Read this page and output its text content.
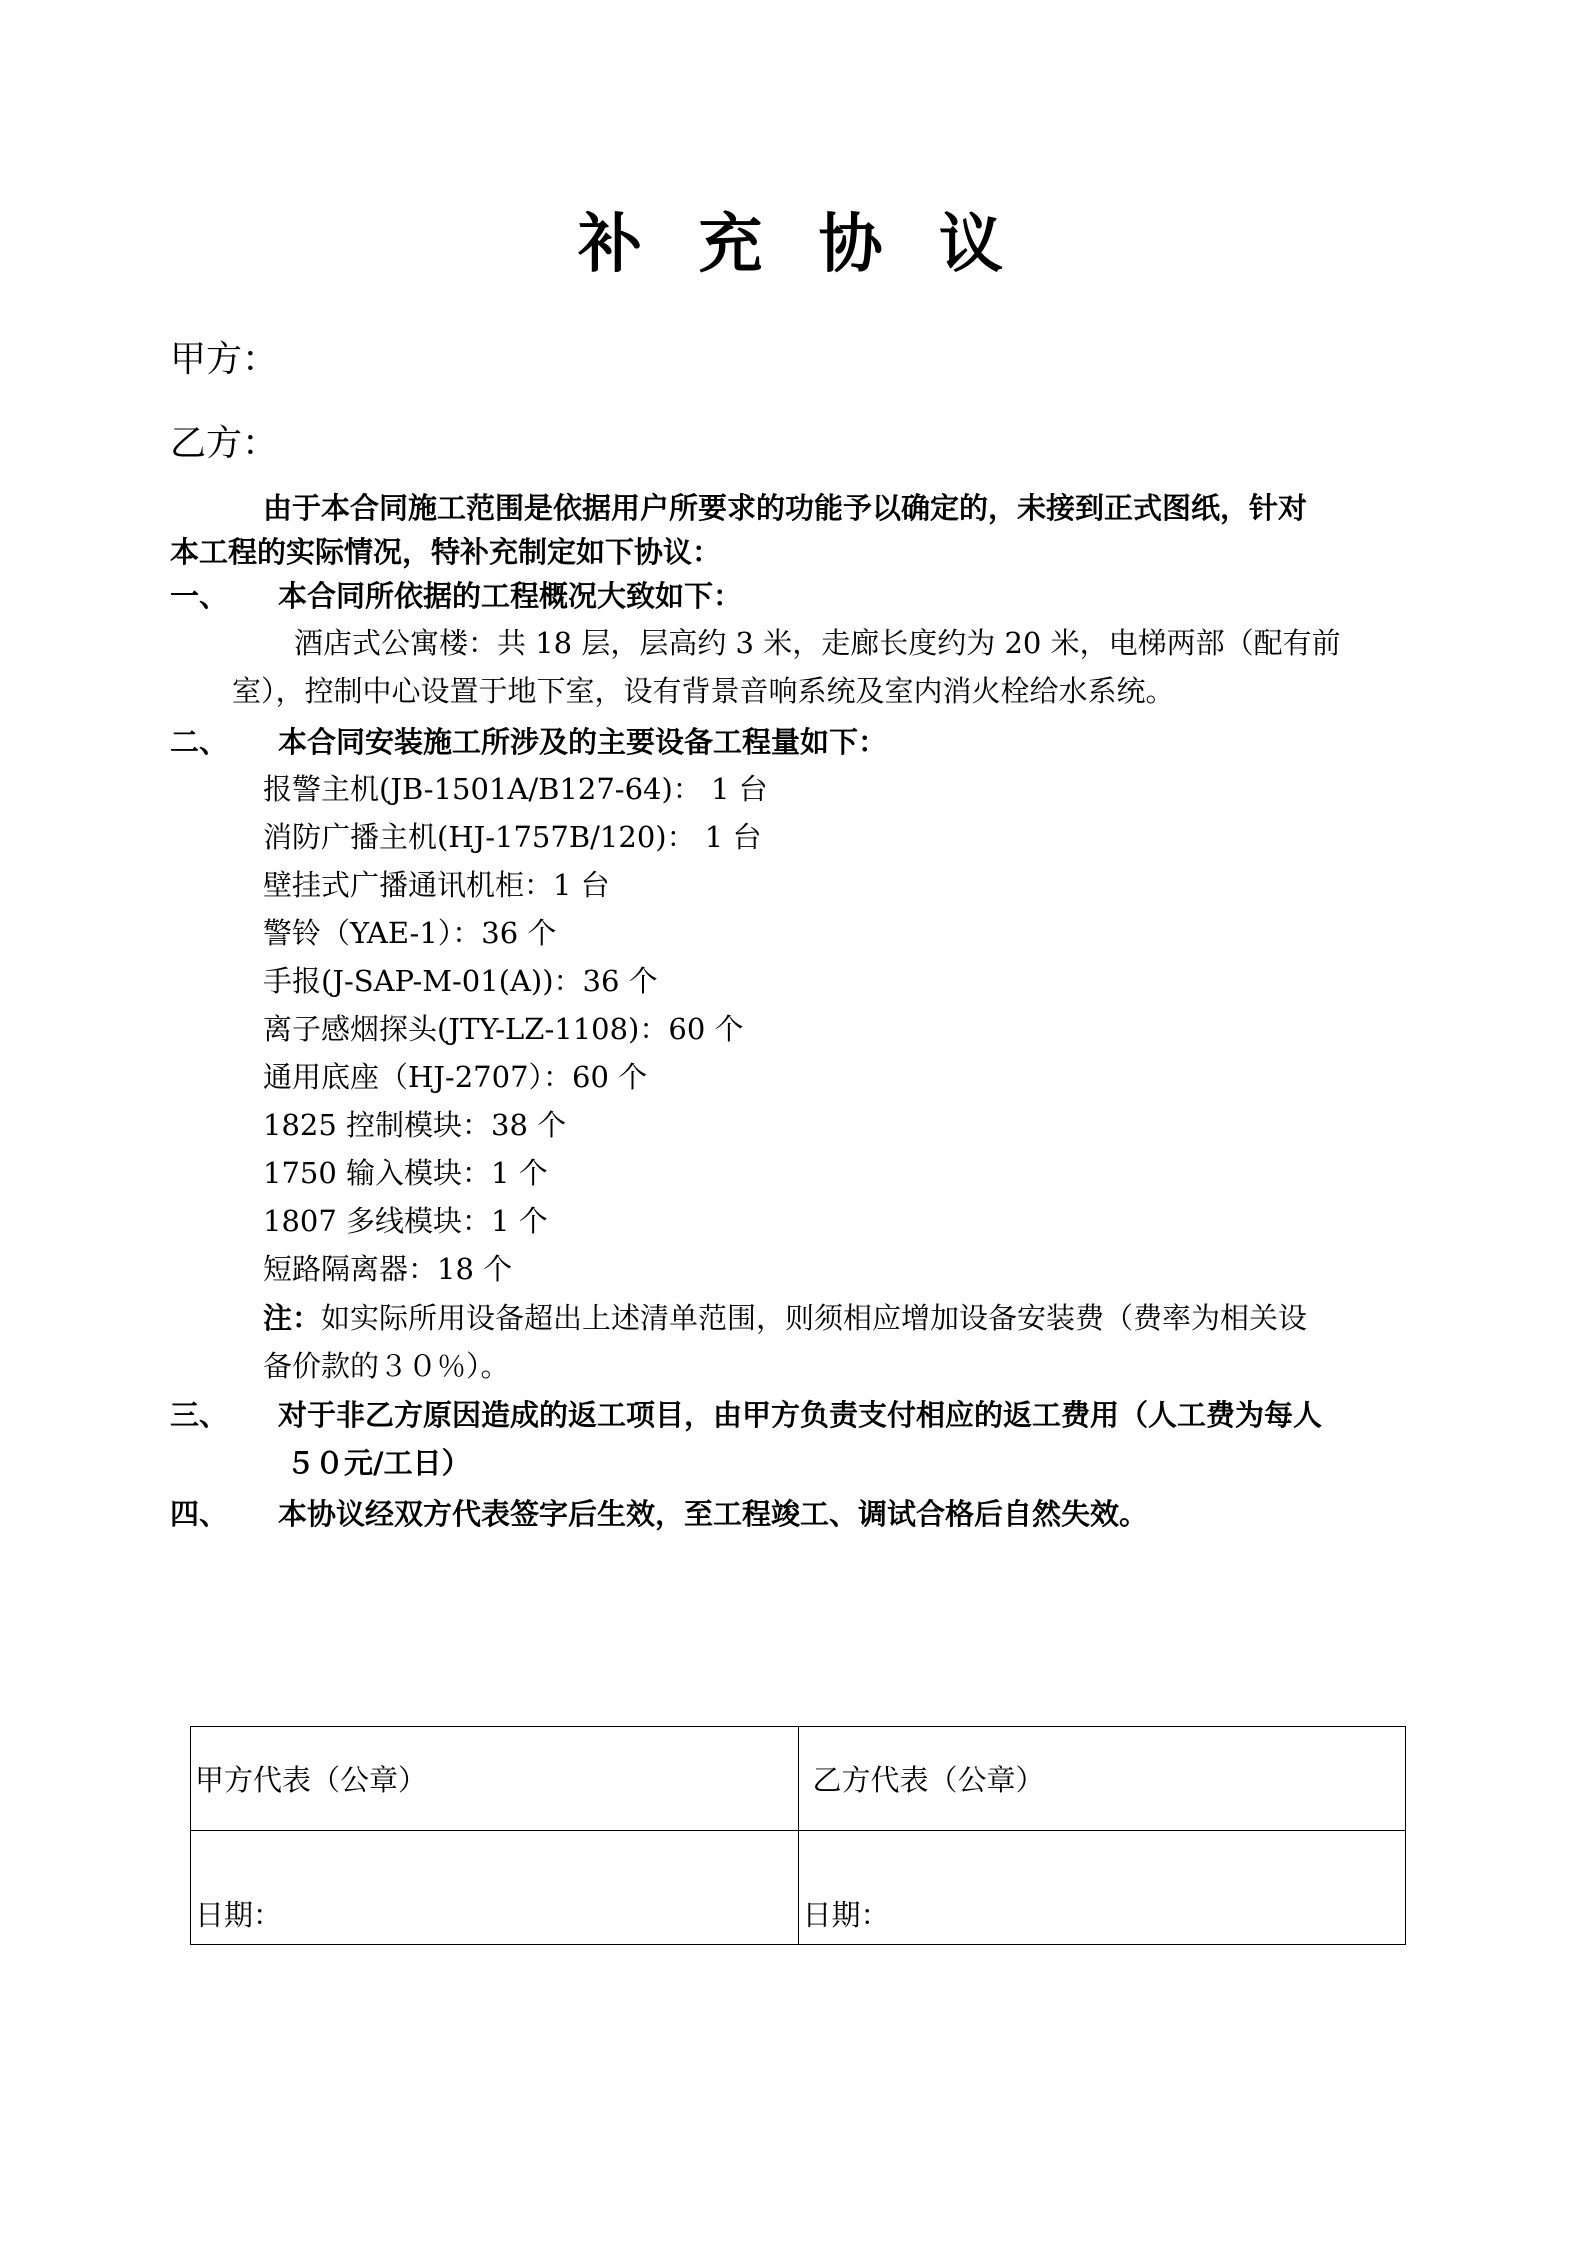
补 充 协 议
甲方：
乙方：
由于本合同施工范围是依据用户所要求的功能予以确定的，未接到正式图纸，针对
本工程的实际情况，特补充制定如下协议：
一、 本合同所依据的工程概况大致如下：
酒店式公寓楼：共 18 层，层高约 3 米，走廊长度约为 20 米，电梯两部（配有前
室），控制中心设置于地下室，设有背景音响系统及室内消火栓给水系统。
二、 本合同安装施工所涉及的主要设备工程量如下：
报警主机(JB-1501A/B127-64)： 1 台
消防广播主机(HJ-1757B/120)： 1 台
壁挂式广播通讯机柜：1 台
警铃（YAE-1）：36 个
手报(J-SAP-M-01(A))：36 个
离子感烟探头(JTY-LZ-1108)：60 个
通用底座（HJ-2707）：60 个
1825 控制模块：38 个
1750 输入模块：1 个
1807 多线模块：1 个
短路隔离器：18 个
注：如实际所用设备超出上述清单范围，则须相应增加设备安装费（费率为相关设
备价款的３０％）。
三、 对于非乙方原因造成的返工项目，由甲方负责支付相应的返工费用（人工费为每人
５０元/工日）
四、 本协议经双方代表签字后生效，至工程竣工、调试合格后自然失效。
甲方代表（公章）	乙方代表（公章）
日期：	日期：
